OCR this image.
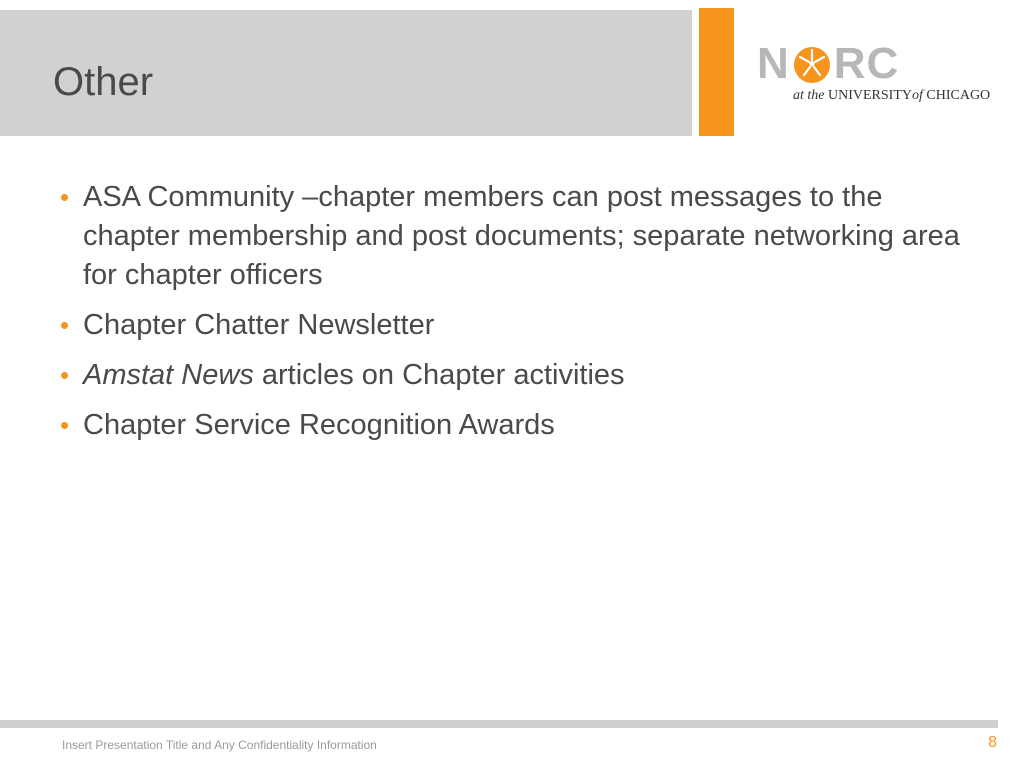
Other	N RC
at the UNIVERSITYof CHICAGO
• ASA Community –chapter members can post messages to the chapter membership and post documents; separate networking area for chapter officers
• Chapter Chatter Newsletter
• Amstat News articles on Chapter activities
• Chapter Service Recognition Awards
Insert Presentation Title and Any Confidentiality Information	8
